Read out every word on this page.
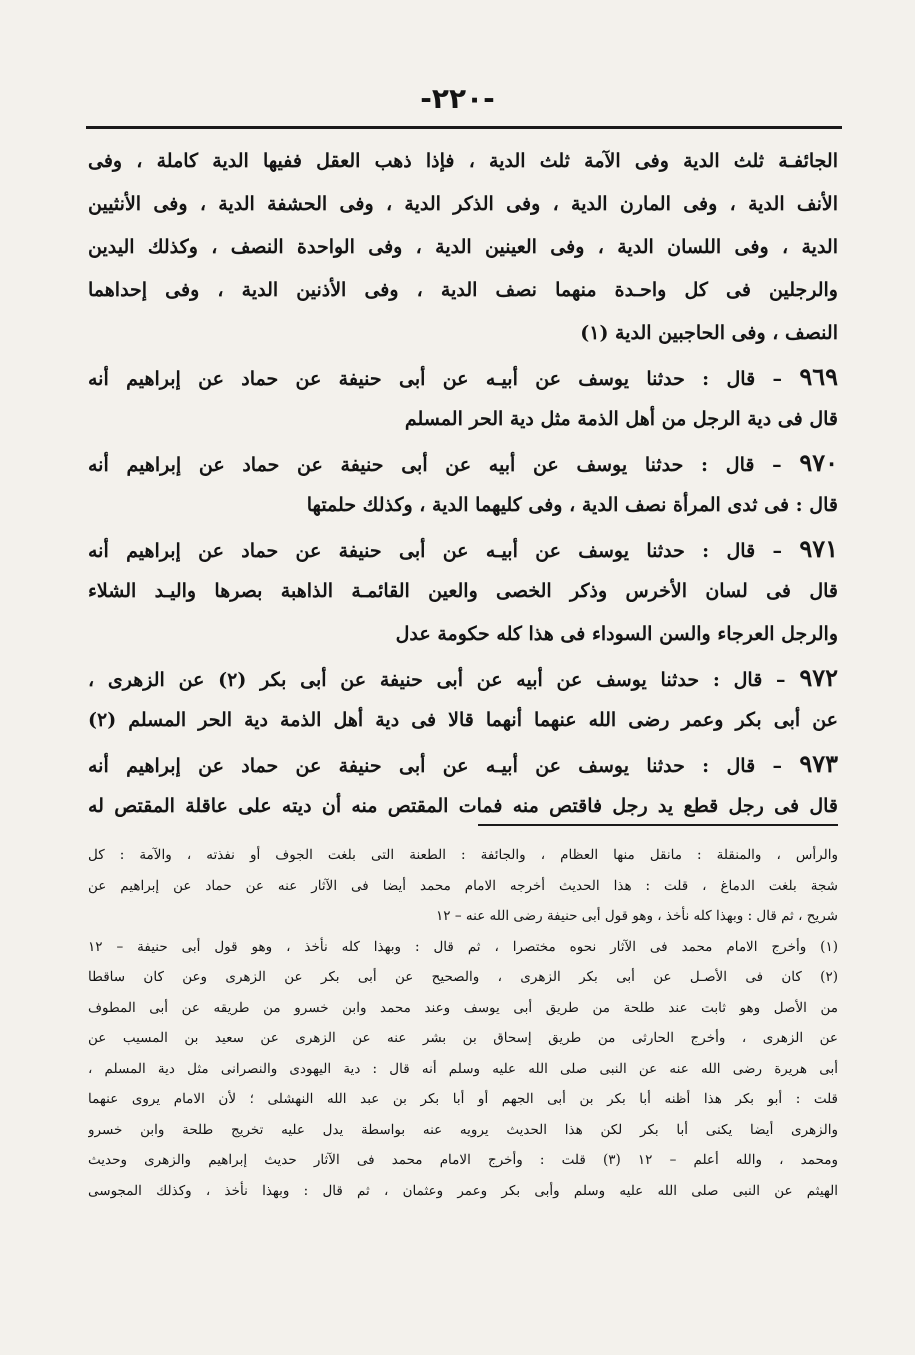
-٢٢٠-
الجائفـة ثلث الدية وفى الآمة ثلث الدية ، فإذا ذهب العقل ففيها الدية كاملة ، وفى
الأنف الدية ، وفى المارن الدية ، وفى الذكر الدية ، وفى الحشفة الدية ، وفى الأنثيين
الدية ، وفى اللسان الدية ، وفى العينين الدية ، وفى الواحدة النصف ، وكذلك اليدين
والرجلين فى كل واحـدة منهما نصف الدية ، وفى الأذنين الدية ، وفى إحداهما
النصف ، وفى الحاجبين الدية (١)
٩٦٩ – قال : حدثنا يوسف عن أبيـه عن أبى حنيفة عن حماد عن إبراهيم أنه
قال فى دية الرجل من أهل الذمة مثل دية الحر المسلم
٩٧٠ – قال : حدثنا يوسف عن أبيه عن أبى حنيفة عن حماد عن إبراهيم أنه
قال : فى ثدى المرأة نصف الدية ، وفى كليهما الدية ، وكذلك حلمتها
٩٧١ – قال : حدثنا يوسف عن أبيـه عن أبى حنيفة عن حماد عن إبراهيم أنه
قال فى لسان الأخرس وذكر الخصى والعين القائمـة الذاهبة بصرها واليـد الشلاء
والرجل العرجاء والسن السوداء فى هذا كله حكومة عدل
٩٧٢ – قال : حدثنا يوسف عن أبيه عن أبى حنيفة عن أبى بكر (٢) عن الزهرى ،
عن أبى بكر وعمر رضى الله عنهما أنهما قالا فى دية أهل الذمة دية الحر المسلم (٢)
٩٧٣ – قال : حدثنا يوسف عن أبيـه عن أبى حنيفة عن حماد عن إبراهيم أنه
قال فى رجل قطع يد رجل فاقتص منه فمات المقتص منه أن ديته على عاقلة المقتص له
والرأس ، والمنقلة : مانقل منها العظام ، والجائفة : الطعنة التى بلغت الجوف أو نفذته ، والآمة : كل
شجة بلغت الدماغ ، قلت : هذا الحديث أخرجه الامام محمد أيضا فى الآثار عنه عن حماد عن إبراهيم عن
شريح ، ثم قال : وبهذا كله نأخذ ، وهو قول أبى حنيفة رضى الله عنه – ١٢
(١) وأخرج الامام محمد فى الآثار نحوه مختصرا ، ثم قال : وبهذا كله نأخذ ، وهو قول أبى حنيفة – ١٢
(٢) كان فى الأصـل عن أبى بكر الزهرى ، والصحيح عن أبى بكر عن الزهرى وعن كان ساقطا
من الأصل وهو ثابت عند طلحة من طريق أبى يوسف وعند محمد وابن خسرو من طريقه عن أبى المطوف
عن الزهرى ، وأخرج الحارثى من طريق إسحاق بن بشر عنه عن الزهرى عن سعيد بن المسيب عن
أبى هريرة رضى الله عنه عن النبى صلى الله عليه وسلم أنه قال : دية اليهودى والنصرانى مثل دية المسلم ،
قلت : أبو بكر هذا أظنه أبا بكر بن أبى الجهم أو أبا بكر بن عبد الله النهشلى ؛ لأن الامام يروى عنهما
والزهرى أيضا يكنى أبا بكر لكن هذا الحديث يرويه عنه بواسطة يدل عليه تخريج طلحة وابن خسرو
ومحمد ، والله أعلم – ١٢ (٣) قلت : وأخرج الامام محمد فى الآثار حديث إبراهيم والزهرى وحديث
الهيثم عن النبى صلى الله عليه وسلم وأبى بكر وعمر وعثمان ، ثم قال : وبهذا نأخذ ، وكذلك المجوسى
